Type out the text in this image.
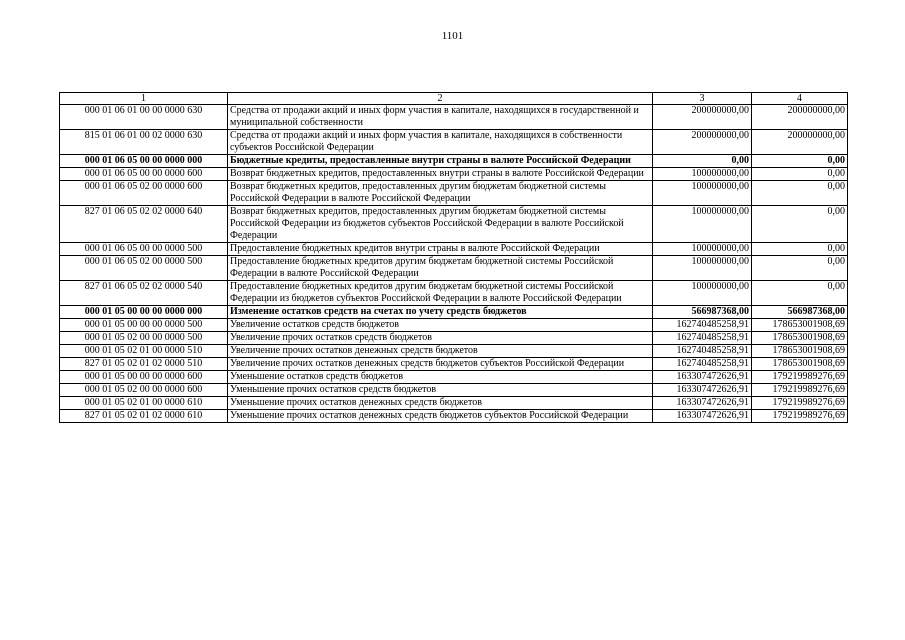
1101
1	2	3	4
000 01 06 01 00 00 0000 630	Средства от продажи акций и иных форм участия в капитале, находящихся в государственной и муниципальной собственности	200000000,00	200000000,00
815 01 06 01 00 02 0000 630	Средства от продажи акций и иных форм участия в капитале, находящихся в собственности субъектов Российской Федерации	200000000,00	200000000,00
000 01 06 05 00 00 0000 000	Бюджетные кредиты, предоставленные внутри страны в валюте Российской Федерации	0,00	0,00
000 01 06 05 00 00 0000 600	Возврат бюджетных кредитов, предоставленных внутри страны в валюте Российской Федерации	100000000,00	0,00
000 01 06 05 02 00 0000 600	Возврат бюджетных кредитов, предоставленных другим бюджетам бюджетной системы Российской Федерации в валюте Российской Федерации	100000000,00	0,00
827 01 06 05 02 02 0000 640	Возврат бюджетных кредитов, предоставленных другим бюджетам бюджетной системы Российской Федерации из бюджетов субъектов Российской Федерации в валюте Российской Федерации	100000000,00	0,00
000 01 06 05 00 00 0000 500	Предоставление бюджетных кредитов внутри страны в валюте Российской Федерации	100000000,00	0,00
000 01 06 05 02 00 0000 500	Предоставление бюджетных кредитов другим бюджетам бюджетной системы Российской Федерации в валюте Российской Федерации	100000000,00	0,00
827 01 06 05 02 02 0000 540	Предоставление бюджетных кредитов другим бюджетам бюджетной системы Российской Федерации из бюджетов субъектов Российской Федерации в валюте Российской Федерации	100000000,00	0,00
000 01 05 00 00 00 0000 000	Изменение остатков средств на счетах по учету средств бюджетов	566987368,00	566987368,00
000 01 05 00 00 00 0000 500	Увеличение остатков средств бюджетов	162740485258,91	178653001908,69
000 01 05 02 00 00 0000 500	Увеличение прочих остатков средств бюджетов	162740485258,91	178653001908,69
000 01 05 02 01 00 0000 510	Увеличение прочих остатков денежных средств бюджетов	162740485258,91	178653001908,69
827 01 05 02 01 02 0000 510	Увеличение прочих остатков денежных средств бюджетов субъектов Российской Федерации	162740485258,91	178653001908,69
000 01 05 00 00 00 0000 600	Уменьшение остатков средств бюджетов	163307472626,91	179219989276,69
000 01 05 02 00 00 0000 600	Уменьшение прочих остатков средств бюджетов	163307472626,91	179219989276,69
000 01 05 02 01 00 0000 610	Уменьшение прочих остатков денежных средств бюджетов	163307472626,91	179219989276,69
827 01 05 02 01 02 0000 610	Уменьшение прочих остатков денежных средств бюджетов субъектов Российской Федерации	163307472626,91	179219989276,69
